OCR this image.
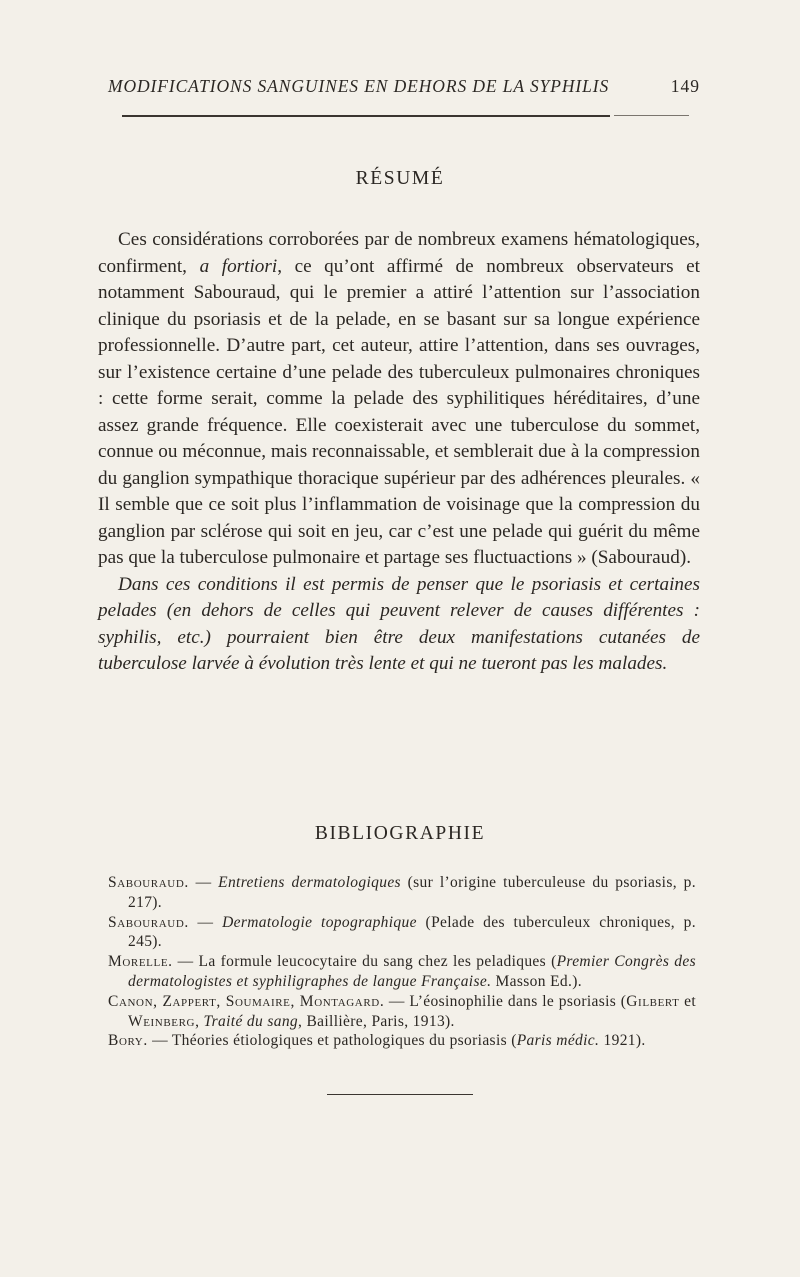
MODIFICATIONS SANGUINES EN DEHORS DE LA SYPHILIS	149
RÉSUMÉ

Ces considérations corroborées par de nombreux examens hématologiques, confirment, a fortiori, ce qu’ont affirmé de nombreux observateurs et notamment Sabouraud, qui le premier a attiré l’attention sur l’association clinique du psoriasis et de la pelade, en se basant sur sa longue expérience professionnelle. D’autre part, cet auteur, attire l’attention, dans ses ouvrages, sur l’existence certaine d’une pelade des tuberculeux pulmonaires chroniques : cette forme serait, comme la pelade des syphilitiques héréditaires, d’une assez grande fréquence. Elle coexisterait avec une tuberculose du sommet, connue ou méconnue, mais reconnaissable, et semblerait due à la compression du ganglion sympathique thoracique supérieur par des adhérences pleurales. « Il semble que ce soit plus l’inflammation de voisinage que la compression du ganglion par sclérose qui soit en jeu, car c’est une pelade qui guérit du même pas que la tuberculose pulmonaire et partage ses fluctuactions » (Sabouraud).

Dans ces conditions il est permis de penser que le psoriasis et certaines pelades (en dehors de celles qui peuvent relever de causes différentes : syphilis, etc.) pourraient bien être deux manifestations cutanées de tuberculose larvée à évolution très lente et qui ne tueront pas les malades.

BIBLIOGRAPHIE
Sabouraud. — Entretiens dermatologiques (sur l’origine tuberculeuse du psoriasis, p. 217).
Sabouraud. — Dermatologie topographique (Pelade des tuberculeux chroniques, p. 245).
Morelle. — La formule leucocytaire du sang chez les peladiques (Premier Congrès des dermatologistes et syphiligraphes de langue Française. Masson Ed.).
Canon, Zappert, Soumaire, Montagard. — L’éosinophilie dans le psoriasis (Gilbert et Weinberg, Traité du sang, Baillière, Paris, 1913).
Bory. — Théories étiologiques et pathologiques du psoriasis (Paris médic. 1921).
